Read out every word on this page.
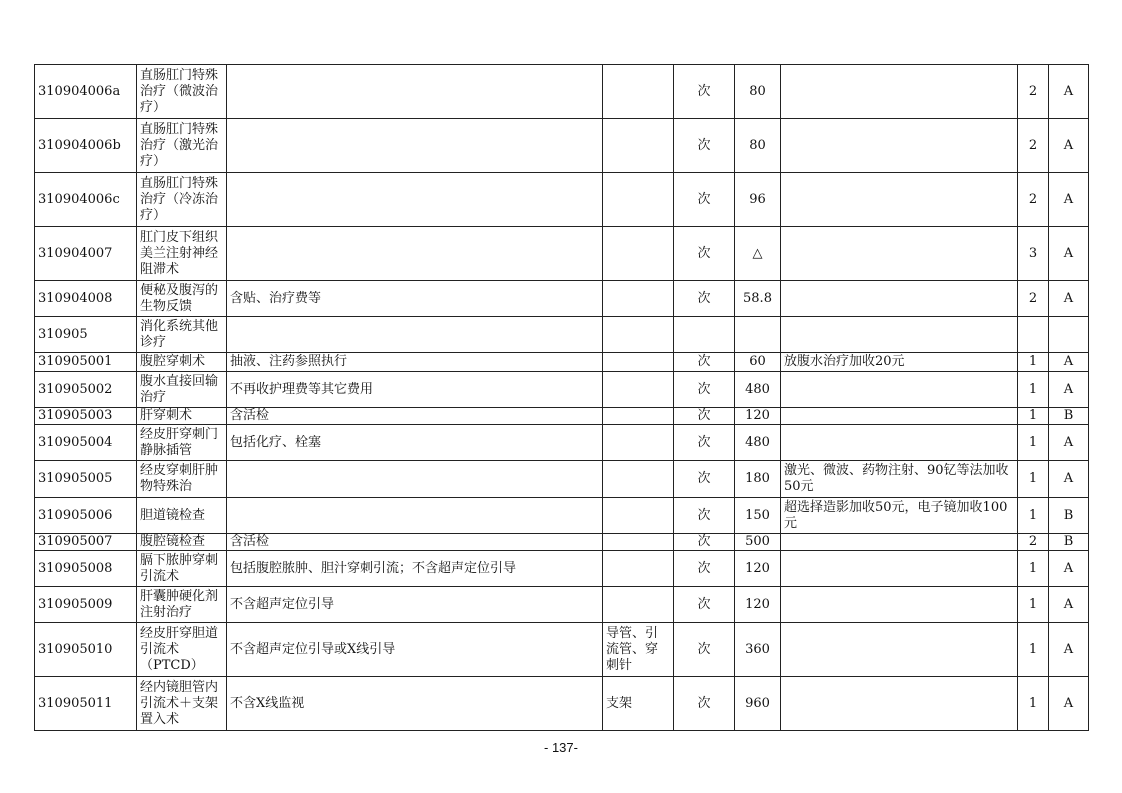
310904006a	直肠肛门特殊治疗（微波治疗）			次	80		2	A
310904006b	直肠肛门特殊治疗（激光治疗）			次	80		2	A
310904006c	直肠肛门特殊治疗（冷冻治疗）			次	96		2	A
310904007	肛门皮下组织美兰注射神经阻滞术			次	△		3	A
310904008	便秘及腹泻的生物反馈	含贴、治疗费等		次	58.8		2	A
310905	消化系统其他诊疗							
310905001	腹腔穿刺术	抽液、注药参照执行		次	60	放腹水治疗加收20元	1	A
310905002	腹水直接回输治疗	不再收护理费等其它费用		次	480		1	A
310905003	肝穿刺术	含活检		次	120		1	B
310905004	经皮肝穿刺门静脉插管	包括化疗、栓塞		次	480		1	A
310905005	经皮穿刺肝肿物特殊治			次	180	激光、微波、药物注射、90钇等法加收50元	1	A
310905006	胆道镜检查			次	150	超选择造影加收50元，电子镜加收100元	1	B
310905007	腹腔镜检查	含活检		次	500		2	B
310905008	膈下脓肿穿刺引流术	包括腹腔脓肿、胆汁穿刺引流；不含超声定位引导		次	120		1	A
310905009	肝囊肿硬化剂注射治疗	不含超声定位引导		次	120		1	A
310905010	经皮肝穿胆道引流术（PTCD）	不含超声定位引导或X线引导	导管、引流管、穿刺针	次	360		1	A
310905011	经内镜胆管内引流术＋支架置入术	不含X线监视	支架	次	960		1	A
- 137-
